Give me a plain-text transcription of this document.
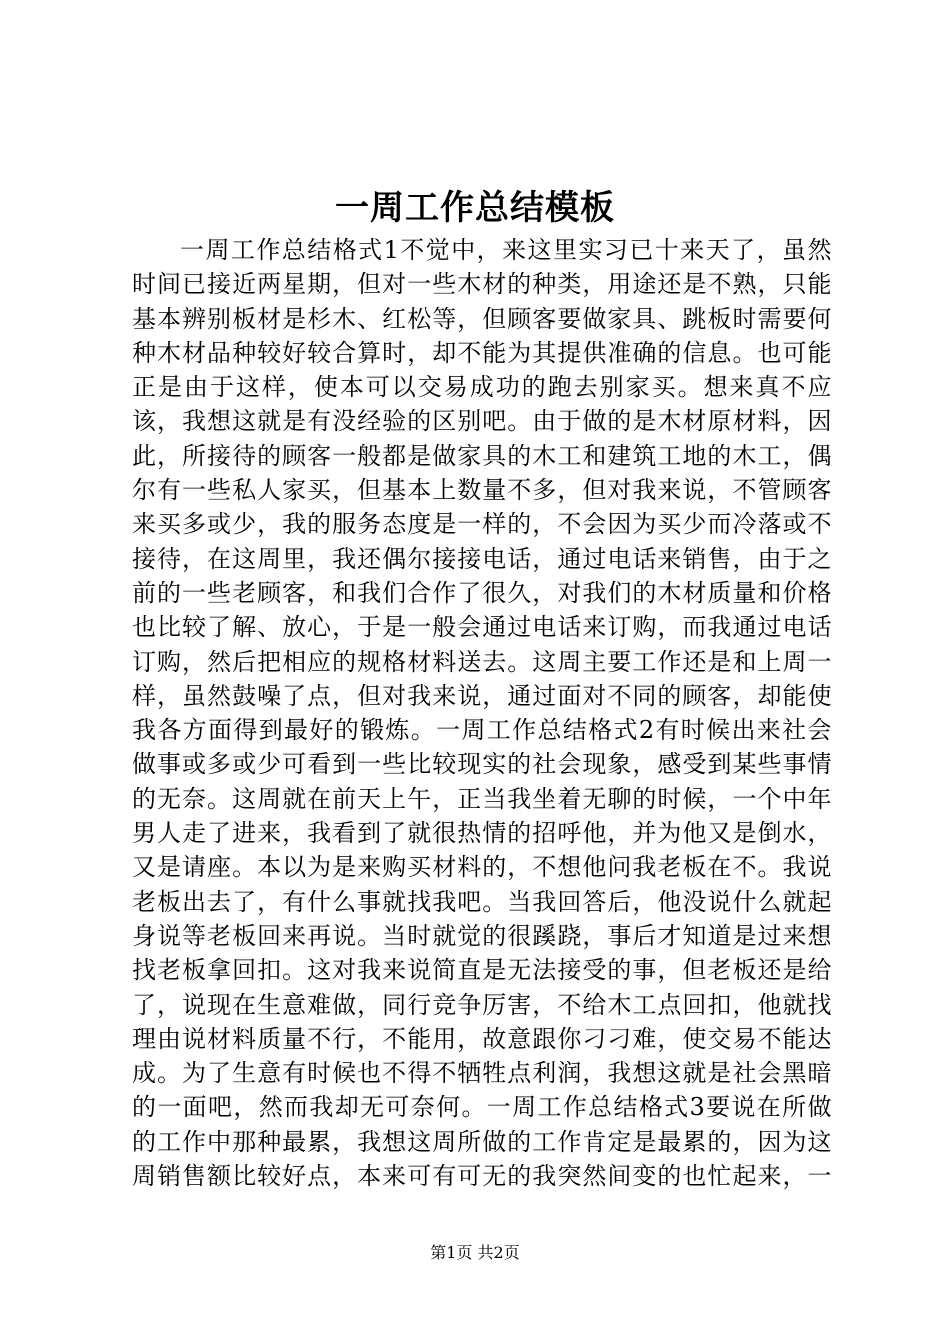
一周工作总结模板

一周工作总结格式1不觉中，来这里实习已十来天了，虽然时间已接近两星期，但对一些木材的种类，用途还是不熟，只能基本辨别板材是杉木、红松等，但顾客要做家具、跳板时需要何种木材品种较好较合算时，却不能为其提供准确的信息。也可能正是由于这样，使本可以交易成功的跑去别家买。想来真不应该，我想这就是有没经验的区别吧。由于做的是木材原材料，因此，所接待的顾客一般都是做家具的木工和建筑工地的木工，偶尔有一些私人家买，但基本上数量不多，但对我来说，不管顾客来买多或少，我的服务态度是一样的，不会因为买少而冷落或不接待，在这周里，我还偶尔接接电话，通过电话来销售，由于之前的一些老顾客，和我们合作了很久，对我们的木材质量和价格也比较了解、放心，于是一般会通过电话来订购，而我通过电话订购，然后把相应的规格材料送去。这周主要工作还是和上周一样，虽然鼓噪了点，但对我来说，通过面对不同的顾客，却能使我各方面得到最好的锻炼。一周工作总结格式2有时候出来社会做事或多或少可看到一些比较现实的社会现象，感受到某些事情的无奈。这周就在前天上午，正当我坐着无聊的时候，一个中年男人走了进来，我看到了就很热情的招呼他，并为他又是倒水，又是请座。本以为是来购买材料的，不想他问我老板在不。我说老板出去了，有什么事就找我吧。当我回答后，他没说什么就起身说等老板回来再说。当时就觉的很蹊跷，事后才知道是过来想找老板拿回扣。这对我来说简直是无法接受的事，但老板还是给了，说现在生意难做，同行竞争厉害，不给木工点回扣，他就找理由说材料质量不行，不能用，故意跟你刁刁难，使交易不能达成。为了生意有时候也不得不牺牲点利润，我想这就是社会黑暗的一面吧，然而我却无可奈何。一周工作总结格式3要说在所做的工作中那种最累，我想这周所做的工作肯定是最累的，因为这周销售额比较好点，本来可有可无的我突然间变的也忙起来，一

第1页 共2页
